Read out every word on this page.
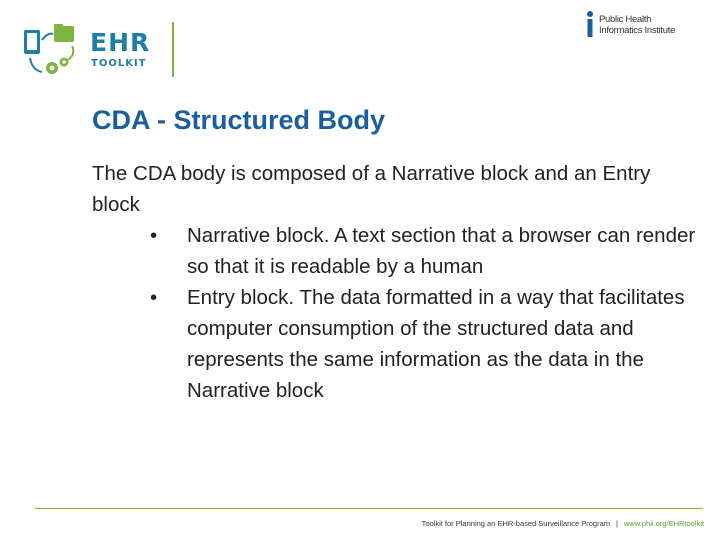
EHR
TOOLKIT
Public Health
Informatics Institute
CDA - Structured Body

The CDA body is composed of a Narrative block and an Entry block

• Narrative block. A text section that a browser can render so that it is readable by a human
• Entry block. The data formatted in a way that facilitates computer consumption of the structured data and represents the same information as the data in the Narrative block
Toolkit for Planning an EHR-based Surveillance Program | www.phii.org/EHRtoolkit
